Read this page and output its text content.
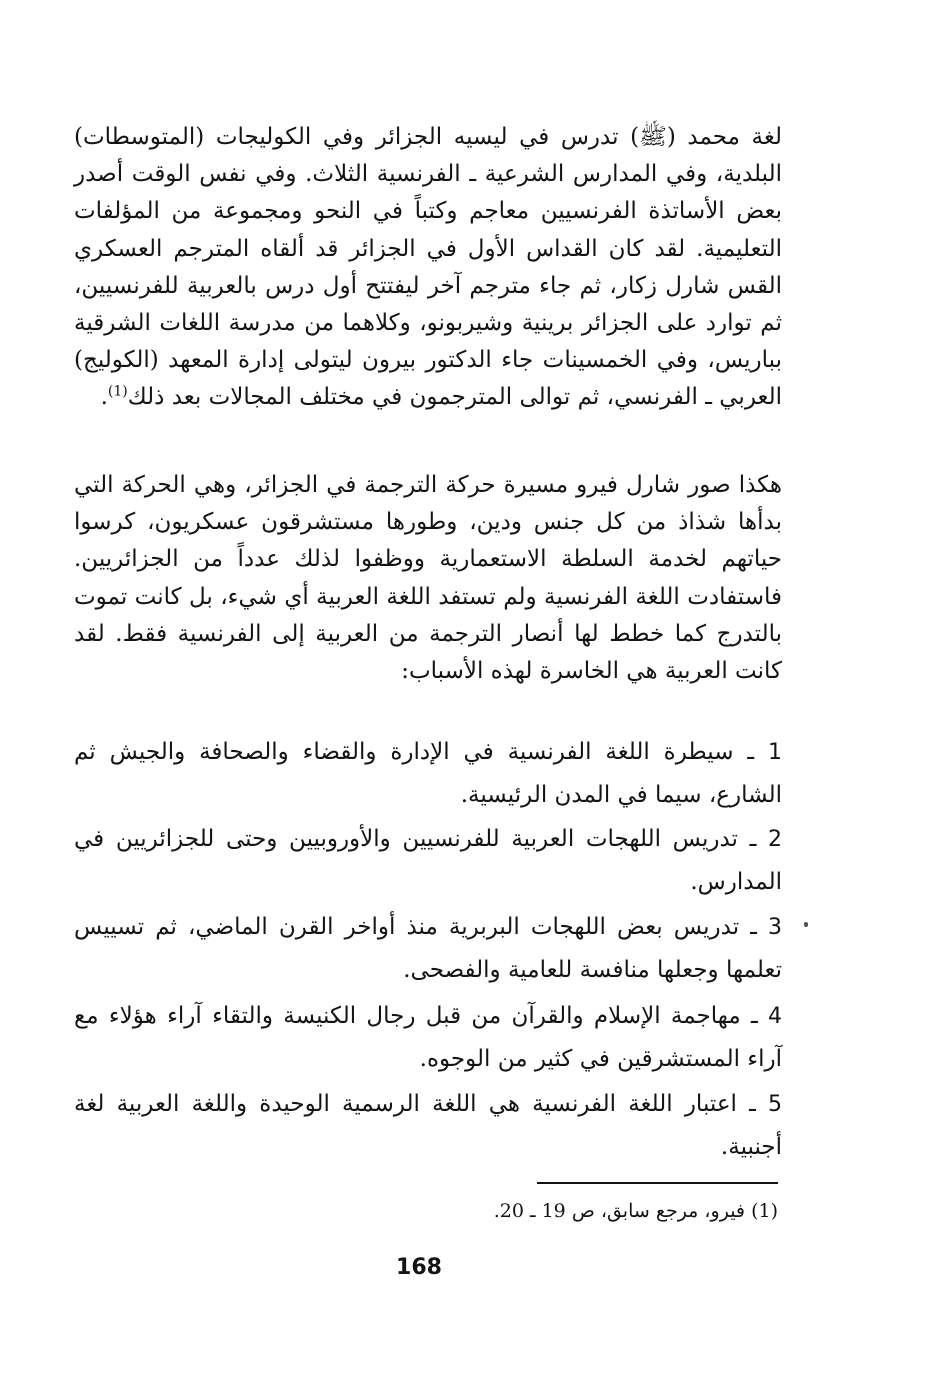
لغة محمد (ﷺ) تدرس في ليسيه الجزائر وفي الكوليجات (المتوسطات) البلدية، وفي المدارس الشرعية ـ الفرنسية الثلاث. وفي نفس الوقت أصدر بعض الأساتذة الفرنسيين معاجم وكتباً في النحو ومجموعة من المؤلفات التعليمية. لقد كان القداس الأول في الجزائر قد ألقاه المترجم العسكري القس شارل زكار، ثم جاء مترجم آخر ليفتتح أول درس بالعربية للفرنسيين، ثم توارد على الجزائر برينية وشيربونو، وكلاهما من مدرسة اللغات الشرقية بباريس، وفي الخمسينات جاء الدكتور بيرون ليتولى إدارة المعهد (الكوليج) العربي ـ الفرنسي، ثم توالى المترجمون في مختلف المجالات بعد ذلك$^{(1)}$.

هكذا صور شارل فيرو مسيرة حركة الترجمة في الجزائر، وهي الحركة التي بدأها شذاذ من كل جنس ودين، وطورها مستشرقون عسكريون، كرسوا حياتهم لخدمة السلطة الاستعمارية ووظفوا لذلك عدداً من الجزائريين. فاستفادت اللغة الفرنسية ولم تستفد اللغة العربية أي شيء، بل كانت تموت بالتدرج كما خطط لها أنصار الترجمة من العربية إلى الفرنسية فقط. لقد كانت العربية هي الخاسرة لهذه الأسباب:

1 ـ سيطرة اللغة الفرنسية في الإدارة والقضاء والصحافة والجيش ثم الشارع، سيما في المدن الرئيسية.

2 ـ تدريس اللهجات العربية للفرنسيين والأوروبيين وحتى للجزائريين في المدارس.

3 ـ تدريس بعض اللهجات البربرية منذ أواخر القرن الماضي، ثم تسييس تعلمها وجعلها منافسة للعامية والفصحى.

4 ـ مهاجمة الإسلام والقرآن من قبل رجال الكنيسة والتقاء آراء هؤلاء مع آراء المستشرقين في كثير من الوجوه.

5 ـ اعتبار اللغة الفرنسية هي اللغة الرسمية الوحيدة واللغة العربية لغة أجنبية.

(1) فيرو، مرجع سابق، ص 19 ـ 20.
168
